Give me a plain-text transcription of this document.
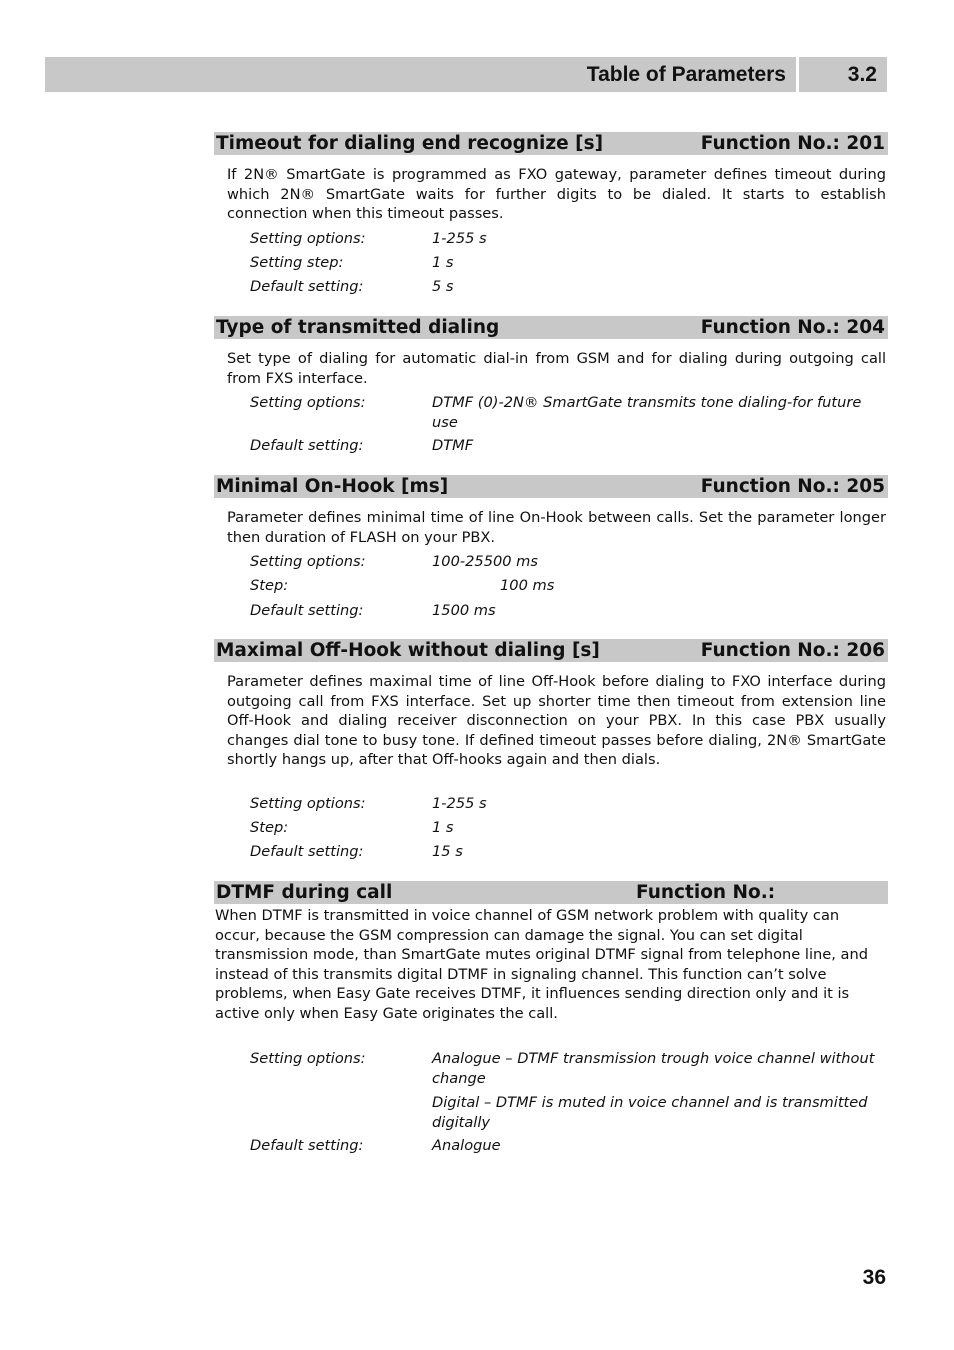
Table of Parameters	3.2
Timeout for dialing end recognize [s]	Function No.: 201

If 2N® SmartGate is programmed as FXO gateway, parameter defines timeout during which 2N® SmartGate waits for further digits to be dialed. It starts to establish connection when this timeout passes.

Setting options:	1-255 s
Setting step:	1 s
Default setting:	5 s
Type of transmitted dialing	Function No.: 204

Set type of dialing for automatic dial-in from GSM and for dialing during outgoing call from FXS interface.

Setting options:	DTMF (0)-2N® SmartGate transmits tone dialing-for future use
Default setting:	DTMF
Minimal On-Hook [ms]	Function No.: 205

Parameter defines minimal time of line On-Hook between calls. Set the parameter longer then duration of FLASH on your PBX.

Setting options:	100-25500 ms
Step:	100 ms
Default setting:	1500 ms
Maximal Off-Hook without dialing [s]	Function No.: 206

Parameter defines maximal time of line Off-Hook before dialing to FXO interface during outgoing call from FXS interface. Set up shorter time then timeout from extension line Off-Hook and dialing receiver disconnection on your PBX. In this case PBX usually changes dial tone to busy tone. If defined timeout passes before dialing, 2N® SmartGate shortly hangs up, after that Off-hooks again and then dials.

Setting options:	1-255 s
Step:	1 s
Default setting:	15 s
DTMF during call	Function No.:

When DTMF is transmitted in voice channel of GSM network problem with quality can occur, because the GSM compression can damage the signal. You can set digital transmission mode, than SmartGate mutes original DTMF signal from telephone line, and instead of this transmits digital DTMF in signaling channel. This function can’t solve problems, when Easy Gate receives DTMF, it influences sending direction only and it is active only when Easy Gate originates the call.

Setting options:	Analogue – DTMF transmission trough voice channel without change
Digital – DTMF is muted in voice channel and is transmitted digitally
Default setting:	Analogue
36
